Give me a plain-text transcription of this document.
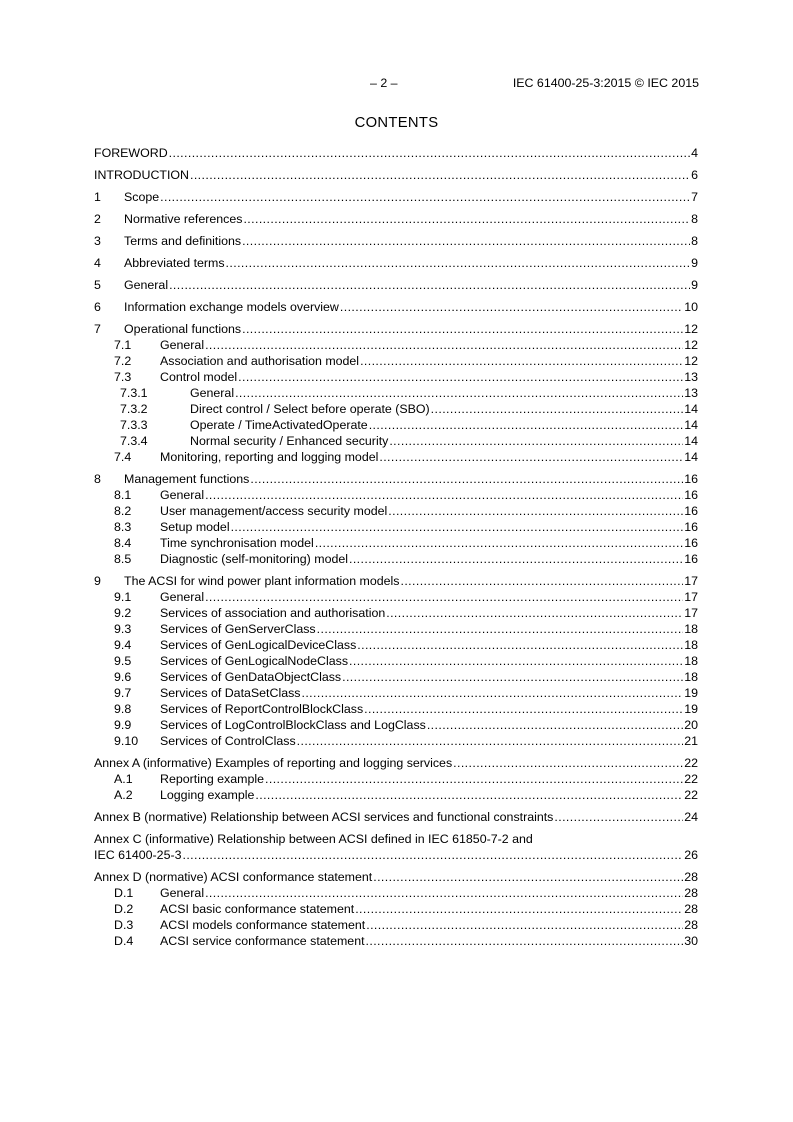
– 2 –	IEC 61400-25-3:2015 © IEC 2015
CONTENTS
FOREWORD .....	4
INTRODUCTION .....	6
1	Scope .....	7
2	Normative references .....	8
3	Terms and definitions .....	8
4	Abbreviated terms .....	9
5	General .....	9
6	Information exchange models overview .....	10
7	Operational functions .....	12
7.1	General .....	12
7.2	Association and authorisation model .....	12
7.3	Control model .....	13
7.3.1	General .....	13
7.3.2	Direct control / Select before operate (SBO) .....	14
7.3.3	Operate / TimeActivatedOperate .....	14
7.3.4	Normal security / Enhanced security .....	14
7.4	Monitoring, reporting and logging model .....	14
8	Management functions .....	16
8.1	General .....	16
8.2	User management/access security model .....	16
8.3	Setup model .....	16
8.4	Time synchronisation model .....	16
8.5	Diagnostic (self-monitoring) model .....	16
9	The ACSI for wind power plant information models .....	17
9.1	General .....	17
9.2	Services of association and authorisation .....	17
9.3	Services of GenServerClass .....	18
9.4	Services of GenLogicalDeviceClass .....	18
9.5	Services of GenLogicalNodeClass .....	18
9.6	Services of GenDataObjectClass .....	18
9.7	Services of DataSetClass .....	19
9.8	Services of ReportControlBlockClass .....	19
9.9	Services of LogControlBlockClass and LogClass .....	20
9.10	Services of ControlClass .....	21
Annex A (informative) Examples of reporting and logging services .....	22
A.1	Reporting example .....	22
A.2	Logging example .....	22
Annex B (normative) Relationship between ACSI services and functional constraints .....	24
Annex C (informative) Relationship between ACSI defined in IEC 61850-7-2 and
IEC 61400-25-3 .....	26
Annex D (normative) ACSI conformance statement .....	28
D.1	General .....	28
D.2	ACSI basic conformance statement .....	28
D.3	ACSI models conformance statement .....	28
D.4	ACSI service conformance statement .....	30
